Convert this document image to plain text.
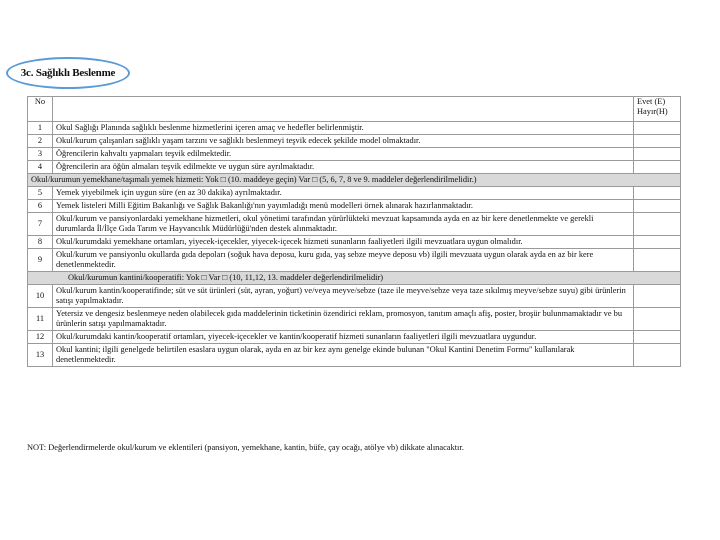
3c. Sağlıklı Beslenme
No		Evet (E)
Hayır(H)

1	Okul Sağlığı Planında sağlıklı beslenme hizmetlerini içeren amaç ve hedefler belirlenmiştir.	
2	Okul/kurum çalışanları sağlıklı yaşam tarzını ve sağlıklı beslenmeyi teşvik edecek şekilde model olmaktadır.	
3	Öğrencilerin kahvaltı yapmaları teşvik edilmektedir.	
4	Öğrencilerin ara öğün almaları teşvik edilmekte ve uygun süre ayrılmaktadır.	
Okul/kurumun yemekhane/taşımalı yemek hizmeti: Yok □ (10. maddeye geçin) Var □ (5, 6, 7, 8 ve 9. maddeler değerlendirilmelidir.)		
5	Yemek yiyebilmek için uygun süre (en az 30 dakika) ayrılmaktadır.	
6	Yemek listeleri Milli Eğitim Bakanlığı ve Sağlık Bakanlığı'nın yayımladığı menü modelleri örnek alınarak hazırlanmaktadır.	
7	Okul/kurum ve pansiyonlardaki yemekhane hizmetleri, okul yönetimi tarafından yürürlükteki mevzuat kapsamında ayda en az bir kere denetlenmekte ve gerekli durumlarda İl/İlçe Gıda Tarım ve Hayvancılık Müdürlüğü'nden destek alınmaktadır.	
8	Okul/kurumdaki yemekhane ortamları, yiyecek-içecekler, yiyecek-içecek hizmeti sunanların faaliyetleri ilgili mevzuatlara uygun olmalıdır.	
9	Okul/kurum ve pansiyonlu okullarda gıda depoları (soğuk hava deposu, kuru gıda, yaş sebze meyve deposu vb) ilgili mevzuata uygun olarak ayda en az bir kere denetlenmektedir.	
Okul/kurumun kantini/kooperatifi: Yok □ Var □ (10, 11,12, 13. maddeler değerlendirilmelidir)		
10	Okul/kurum kantin/kooperatifinde; süt ve süt ürünleri (süt, ayran, yoğurt) ve/veya meyve/sebze (taze ile meyve/sebze veya taze sıkılmış meyve/sebze suyu) gibi ürünlerin satışı yapılmaktadır.	
11	Yetersiz ve dengesiz beslenmeye neden olabilecek gıda maddelerinin ticketinin özendirici reklam, promosyon, tanıtım amaçlı afiş, poster, broşür bulunmamaktadır ve bu ürünlerin satışı yapılmamaktadır.	
12	Okul/kurumdaki kantin/kooperatif ortamları, yiyecek-içecekler ve kantin/kooperatif hizmeti sunanların faaliyetleri ilgili mevzuatlara uygundur.	
13	Okul kantini; ilgili genelgede belirtilen esaslara uygun olarak, ayda en az bir kez aynı genelge ekinde bulunan "Okul Kantini Denetim Formu" kullanılarak denetlenmektedir.	
NOT: Değerlendirmelerde okul/kurum ve eklentileri (pansiyon, yemekhane, kantin, büfe, çay ocağı, atölye vb) dikkate alınacaktır.
